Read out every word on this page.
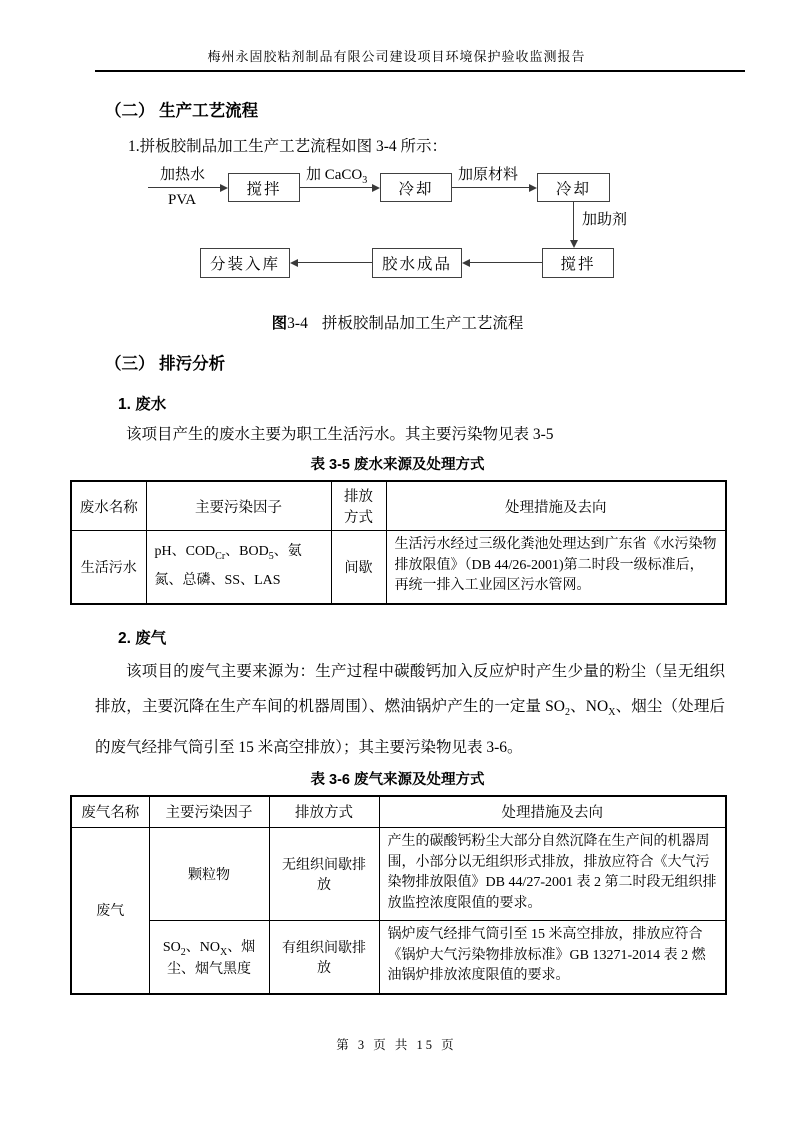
梅州永固胶粘剂制品有限公司建设项目环境保护验收监测报告
（二） 生产工艺流程
1.拼板胶制品加工生产工艺流程如图 3-4 所示：
加热水
PVA
搅拌
加 CaCO$_3$	冷却
加原材料
冷却
加助剂
搅拌
胶水成品
分装入库
图3-4 拼板胶制品加工生产工艺流程
（三） 排污分析
1. 废水
该项目产生的废水主要为职工生活污水。其主要污染物见表 3-5
表 3-5 废水来源及处理方式
废水名称	主要污染因子	排放方式	处理措施及去向
生活污水	pH、$COD_{Cr}$、$BOD_5$、氨氮、总磷、SS、LAS	间歇	生活污水经过三级化粪池处理达到广东省《水污染物排放限值》（DB 44/26-2001)第二时段一级标准后，再统一排入工业园区污水管网。
2. 废气
该项目的废气主要来源为：生产过程中碳酸钙加入反应炉时产生少量的粉尘（呈无组织排放，主要沉降在生产车间的机器周围）、燃油锅炉产生的一定量 $SO_2$、$NO_X$、烟尘（处理后的废气经排气筒引至 15 米高空排放）；其主要污染物见表 3-6。
表 3-6 废气来源及处理方式
废气名称	主要污染因子	排放方式	处理措施及去向
废气	颗粒物	无组织间歇排放	产生的碳酸钙粉尘大部分自然沉降在生产间的机器周围，小部分以无组织形式排放，排放应符合《大气污染物排放限值》DB 44/27-2001 表 2 第二时段无组织排放监控浓度限值的要求。
	$SO_2$、$NO_X$、烟尘、烟气黑度	有组织间歇排放	锅炉废气经排气筒引至 15 米高空排放，排放应符合《锅炉大气污染物排放标准》GB 13271-2014 表 2 燃油锅炉排放浓度限值的要求。
第 3 页 共 15 页
